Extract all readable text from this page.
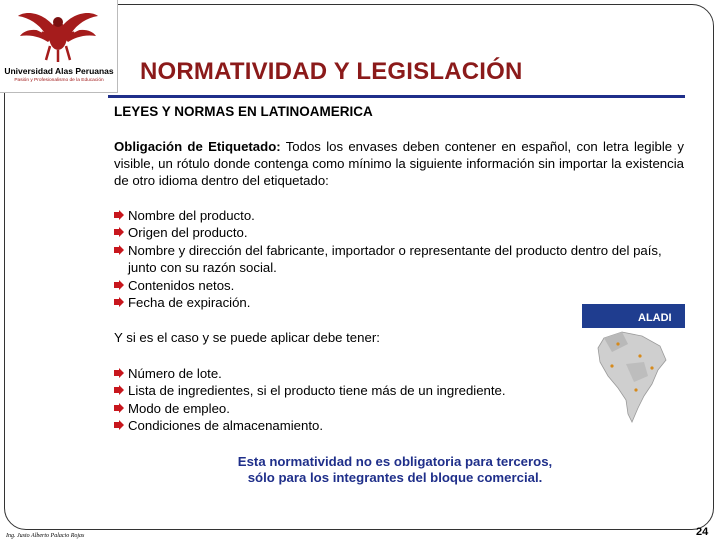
Universidad Alas Peruanas
Pasión y Profesionalismo de la Educación	NORMATIVIDAD Y LEGISLACIÓN
LEYES Y NORMAS EN LATINOAMERICA
Obligación de Etiquetado: Todos los envases deben contener en español, con letra legible y visible, un rótulo donde contenga como mínimo la siguiente información sin importar la existencia de otro idioma dentro del etiquetado:
Nombre del producto.
Origen del producto.
Nombre y dirección del fabricante, importador o representante del producto dentro del país, junto con su razón social.
Contenidos netos.
Fecha de expiración.
Y si es el caso y se puede aplicar debe tener:
Número de lote.
Lista de ingredientes, si el producto tiene más de un ingrediente.
Modo de empleo.
Condiciones de almacenamiento.
ALADI
Esta normatividad no es obligatoria para terceros,
sólo para los integrantes del bloque comercial.
Ing. Justo Alberto Palacio Rojas	24
